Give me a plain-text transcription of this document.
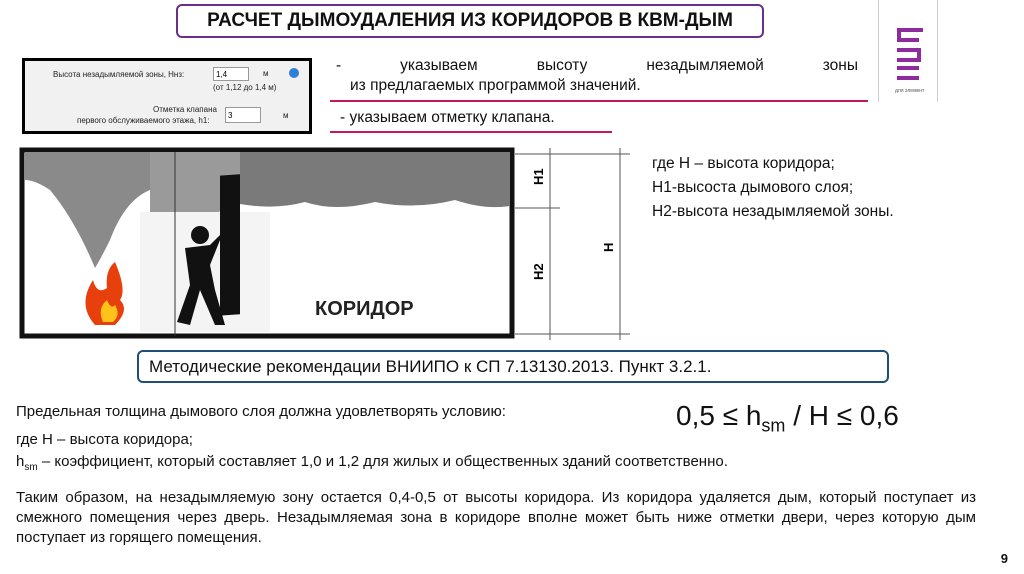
РАСЧЕТ ДЫМОУДАЛЕНИЯ ИЗ КОРИДОРОВ В КВМ-ДЫМ
для элемент
Высота незадымляемой зоны, Ннз:
1,4	м
(от 1,12 до 1,4 м)
Отметка клапана
первого обслуживаемого этажа, h1:
3
м
- указываем высоту незадымляемой зоны
из предлагаемых программой значений.
- указываем отметку клапана.
КОРИДОР
Н1
Н2
Н
где Н – высота коридора;
Н1-высоста дымового слоя;
Н2-высота незадымляемой зоны.
Методические рекомендации ВНИИПО к СП 7.13130.2013. Пункт 3.2.1.
Предельная толщина дымового слоя должна удовлетворять условию:
где Н – высота коридора;
$h_{sm}$ – коэффициент, который составляет 1,0 и 1,2 для жилых и общественных зданий соответственно.
$0,5 \le h_{sm} / Н \le 0,6$
Таким образом, на незадымляемую зону остается 0,4-0,5 от высоты коридора. Из коридора удаляется дым, который поступает из смежного помещения через дверь. Незадымляемая зона в коридоре вполне может быть ниже отметки двери, через которую дым поступает из горящего помещения.
9
